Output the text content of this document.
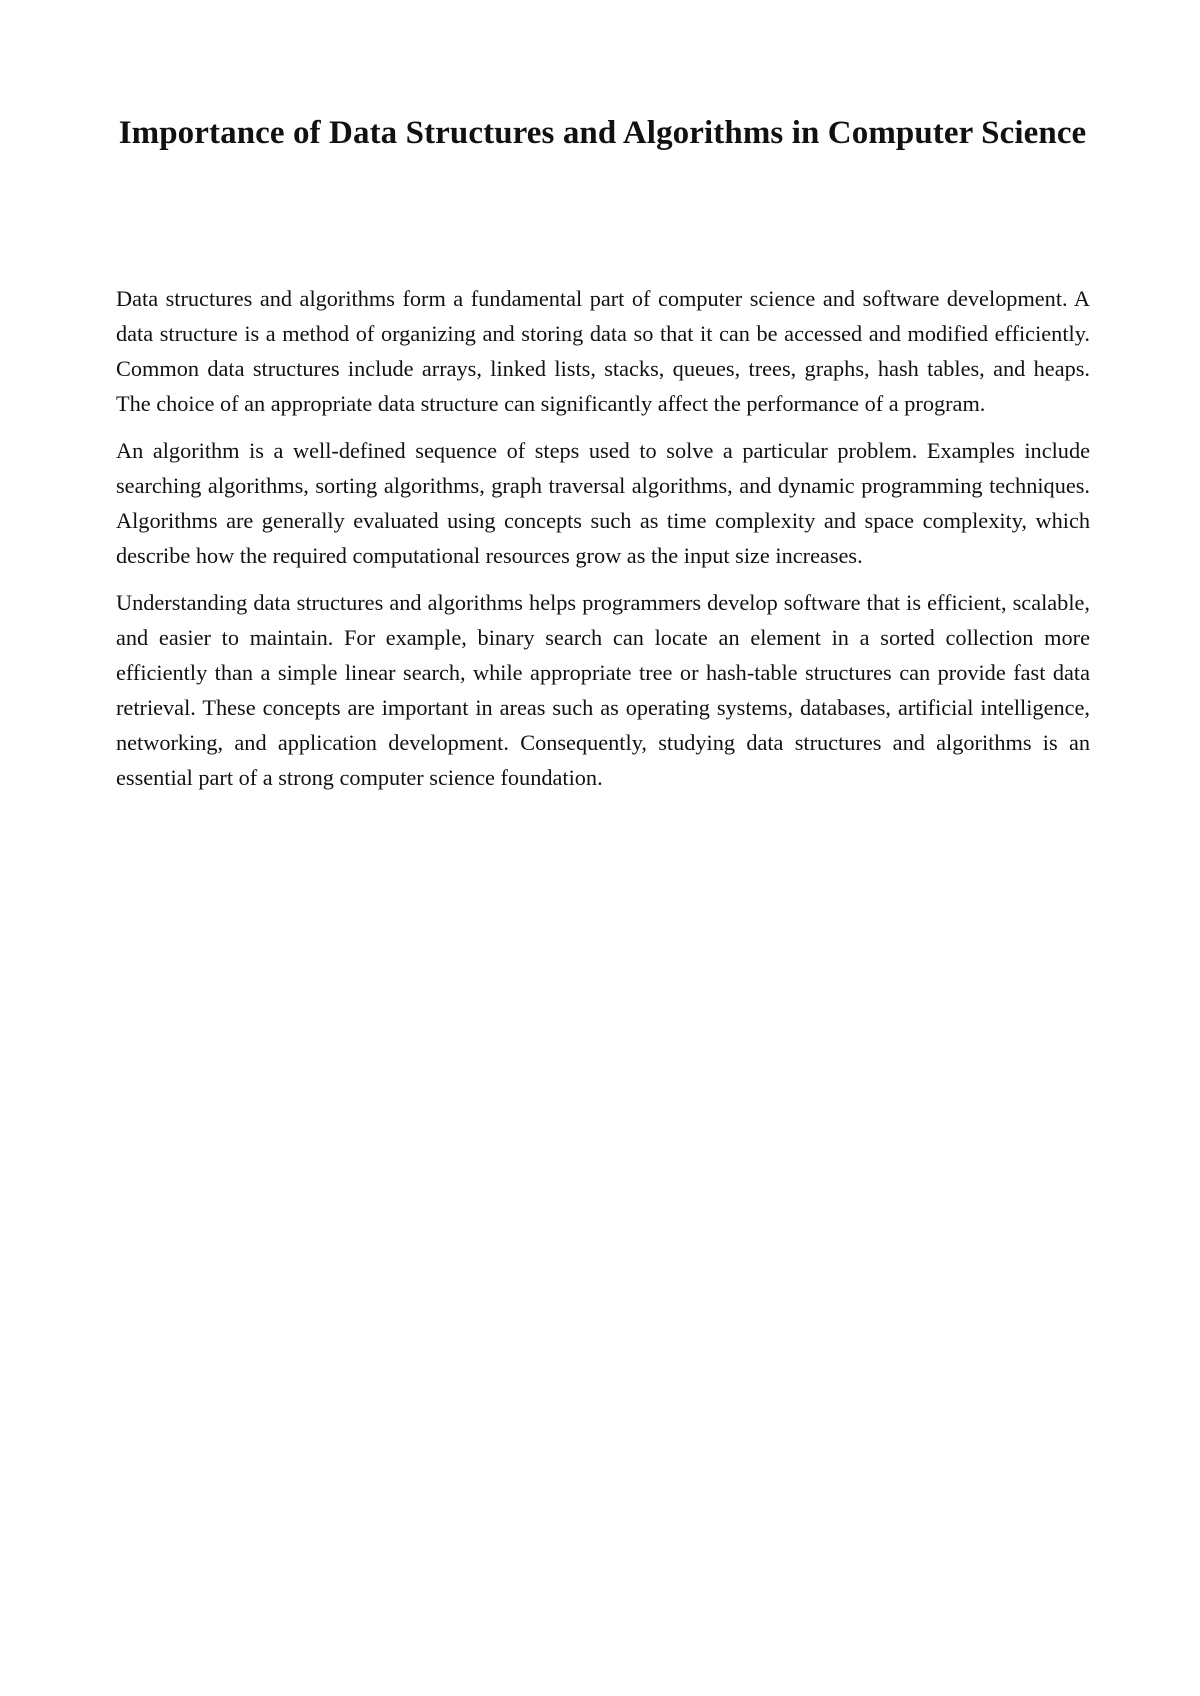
Importance of Data Structures and Algorithms in Computer Science

Data structures and algorithms form a fundamental part of computer science and software development. A data structure is a method of organizing and storing data so that it can be accessed and modified efficiently. Common data structures include arrays, linked lists, stacks, queues, trees, graphs, hash tables, and heaps. The choice of an appropriate data structure can significantly affect the performance of a program.

An algorithm is a well-defined sequence of steps used to solve a particular problem. Examples include searching algorithms, sorting algorithms, graph traversal algorithms, and dynamic programming techniques. Algorithms are generally evaluated using concepts such as time complexity and space complexity, which describe how the required computational resources grow as the input size increases.

Understanding data structures and algorithms helps programmers develop software that is efficient, scalable, and easier to maintain. For example, binary search can locate an element in a sorted collection more efficiently than a simple linear search, while appropriate tree or hash-table structures can provide fast data retrieval. These concepts are important in areas such as operating systems, databases, artificial intelligence, networking, and application development. Consequently, studying data structures and algorithms is an essential part of a strong computer science foundation.
